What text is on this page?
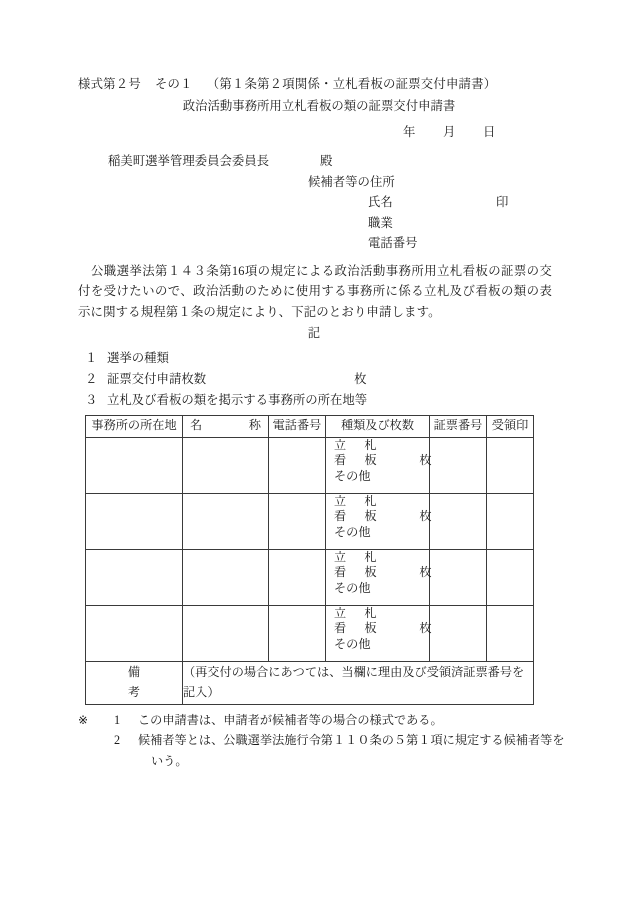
様式第２号 その１ （第１条第２項関係・立札看板の証票交付申請書）
政治活動事務所用立札看板の類の証票交付申請書
年 月 日
稲美町選挙管理委員会委員長	殿
候補者等の住所
氏名	印
職業
電話番号
公職選挙法第１４３条第16項の規定による政治活動事務所用立札看板の証票の交付を受けたいので、政治活動のために使用する事務所に係る立札及び看板の類の表示に関する規程第１条の規定により、下記のとおり申請します。
記
１ 選挙の種類
２ 証票交付申請枚数	枚
３ 立札及び看板の類を掲示する事務所の所在地等
事務所の所在地	名　称	電話番号	種類及び枚数	証票番号	受領印

			立　札
看　板 枚
その他		

			立　札
看　板 枚
その他		

			立　札
看　板 枚
その他		

			立　札
看　板 枚
その他		

備
考	（再交付の場合にあつては、当欄に理由及び受領済証票番号を記入）				
※ 1 この申請書は、申請者が候補者等の場合の様式である。
2 候補者等とは、公職選挙法施行令第１１０条の５第１項に規定する候補者等を
いう。
